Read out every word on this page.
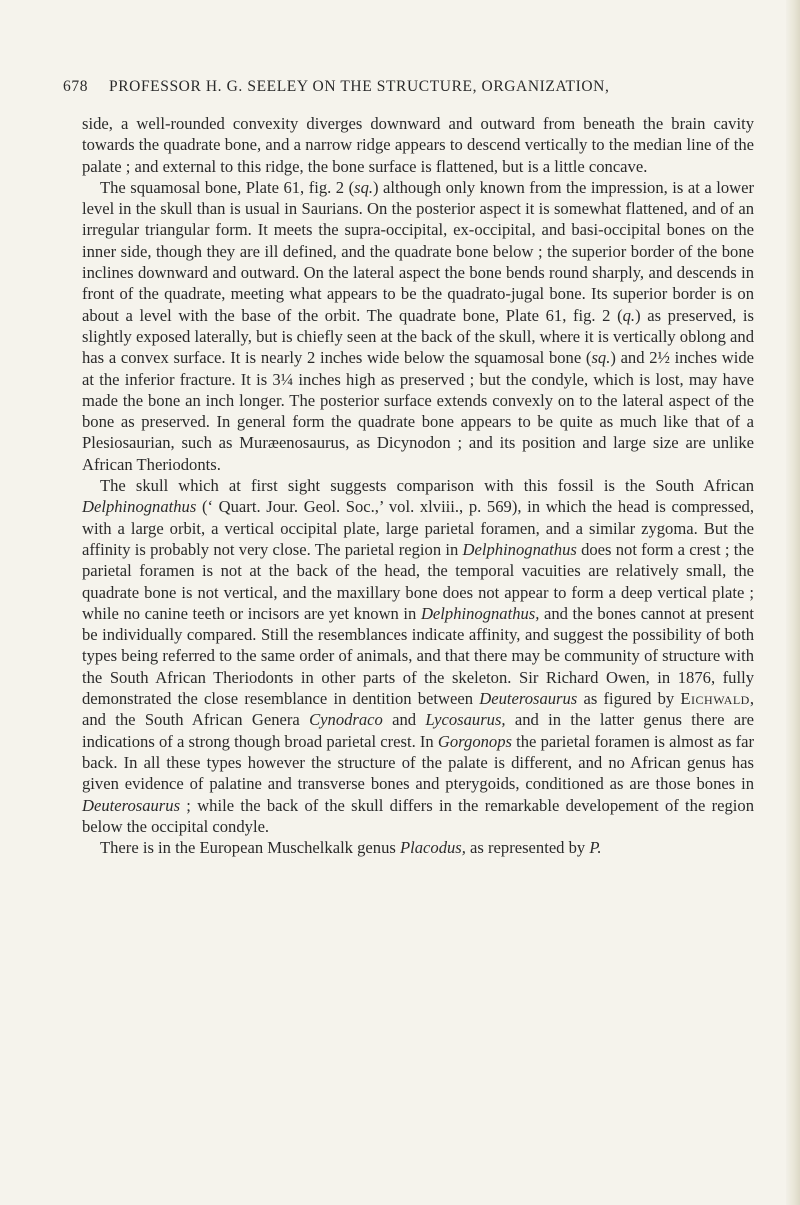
678 PROFESSOR H. G. SEELEY ON THE STRUCTURE, ORGANIZATION,

side, a well-rounded convexity diverges downward and outward from beneath the brain cavity towards the quadrate bone, and a narrow ridge appears to descend vertically to the median line of the palate ; and external to this ridge, the bone surface is flattened, but is a little concave.

The squamosal bone, Plate 61, fig. 2 (sq.) although only known from the impression, is at a lower level in the skull than is usual in Saurians. On the posterior aspect it is somewhat flattened, and of an irregular triangular form. It meets the supra-occipital, ex-occipital, and basi-occipital bones on the inner side, though they are ill defined, and the quadrate bone below ; the superior border of the bone inclines downward and outward. On the lateral aspect the bone bends round sharply, and descends in front of the quadrate, meeting what appears to be the quadrato-jugal bone. Its superior border is on about a level with the base of the orbit. The quadrate bone, Plate 61, fig. 2 (q.) as preserved, is slightly exposed laterally, but is chiefly seen at the back of the skull, where it is vertically oblong and has a convex surface. It is nearly 2 inches wide below the squamosal bone (sq.) and 2½ inches wide at the inferior fracture. It is 3¼ inches high as preserved ; but the condyle, which is lost, may have made the bone an inch longer. The posterior surface extends convexly on to the lateral aspect of the bone as preserved. In general form the quadrate bone appears to be quite as much like that of a Plesiosaurian, such as Muræenosaurus, as Dicynodon ; and its position and large size are unlike African Theriodonts.

The skull which at first sight suggests comparison with this fossil is the South African Delphinognathus (‘ Quart. Jour. Geol. Soc.,’ vol. xlviii., p. 569), in which the head is compressed, with a large orbit, a vertical occipital plate, large parietal foramen, and a similar zygoma. But the affinity is probably not very close. The parietal region in Delphinognathus does not form a crest ; the parietal foramen is not at the back of the head, the temporal vacuities are relatively small, the quadrate bone is not vertical, and the maxillary bone does not appear to form a deep vertical plate ; while no canine teeth or incisors are yet known in Delphinognathus, and the bones cannot at present be individually compared. Still the resemblances indicate affinity, and suggest the possibility of both types being referred to the same order of animals, and that there may be community of structure with the South African Theriodonts in other parts of the skeleton. Sir Richard Owen, in 1876, fully demonstrated the close resemblance in dentition between Deuterosaurus as figured by Eichwald, and the South African Genera Cynodraco and Lycosaurus, and in the latter genus there are indications of a strong though broad parietal crest. In Gorgonops the parietal foramen is almost as far back. In all these types however the structure of the palate is different, and no African genus has given evidence of palatine and transverse bones and pterygoids, conditioned as are those bones in Deuterosaurus ; while the back of the skull differs in the remarkable developement of the region below the occipital condyle.

There is in the European Muschelkalk genus Placodus, as represented by P.
